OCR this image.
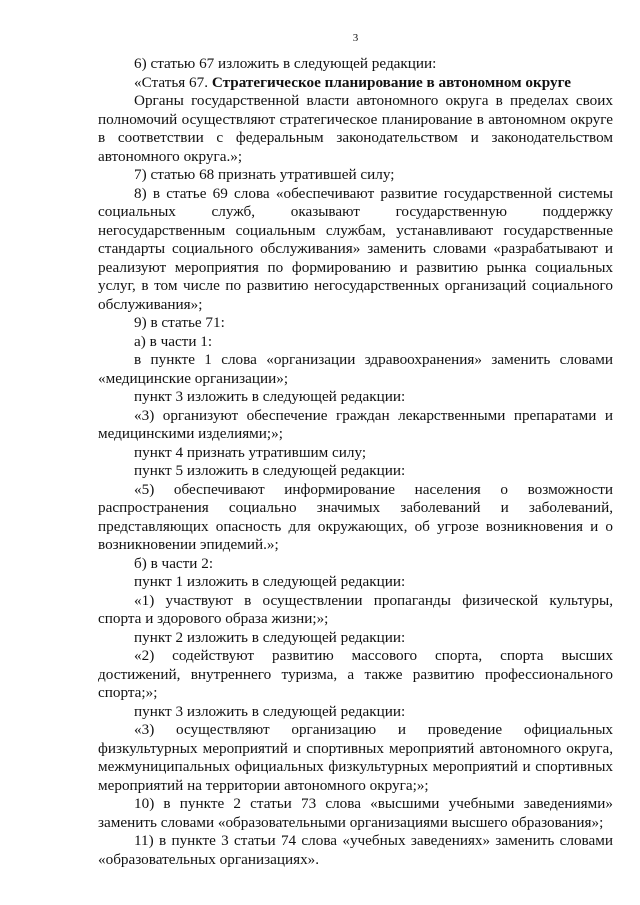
3

6) статью 67 изложить в следующей редакции:

«Статья 67. Стратегическое планирование в автономном округе

Органы государственной власти автономного округа в пределах своих полномочий осуществляют стратегическое планирование в автономном округе в соответствии с федеральным законодательством и законодательством автономного округа.»;

7) статью 68 признать утратившей силу;

8) в статье 69 слова «обеспечивают развитие государственной системы социальных служб, оказывают государственную поддержку негосударственным социальным службам, устанавливают государственные стандарты социального обслуживания» заменить словами «разрабатывают и реализуют мероприятия по формированию и развитию рынка социальных услуг, в том числе по развитию негосударственных организаций социального обслуживания»;

9) в статье 71:

а) в части 1:

в пункте 1 слова «организации здравоохранения» заменить словами «медицинские организации»;

пункт 3 изложить в следующей редакции:

«3) организуют обеспечение граждан лекарственными препаратами и медицинскими изделиями;»;

пункт 4 признать утратившим силу;

пункт 5 изложить в следующей редакции:

«5) обеспечивают информирование населения о возможности распространения социально значимых заболеваний и заболеваний, представляющих опасность для окружающих, об угрозе возникновения и о возникновении эпидемий.»;

б) в части 2:

пункт 1 изложить в следующей редакции:

«1) участвуют в осуществлении пропаганды физической культуры, спорта и здорового образа жизни;»;

пункт 2 изложить в следующей редакции:

«2) содействуют развитию массового спорта, спорта высших достижений, внутреннего туризма, а также развитию профессионального спорта;»;

пункт 3 изложить в следующей редакции:

«3) осуществляют организацию и проведение официальных физкультурных мероприятий и спортивных мероприятий автономного округа, межмуниципальных официальных физкультурных мероприятий и спортивных мероприятий на территории автономного округа;»;

10) в пункте 2 статьи 73 слова «высшими учебными заведениями» заменить словами «образовательными организациями высшего образования»;

11) в пункте 3 статьи 74 слова «учебных заведениях» заменить словами «образовательных организациях».
